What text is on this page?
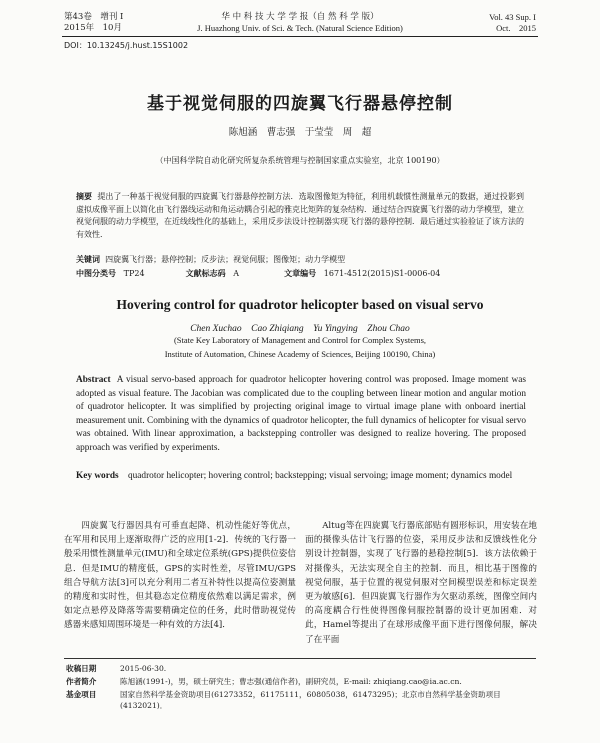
第43卷　增刊 I
2015年　10月
华 中 科 技 大 学 学 报（自 然 科 学 版）
J. Huazhong Univ. of Sci. & Tech. (Natural Science Edition)
Vol. 43 Sup. I
Oct.　2015
DOI：10.13245/j.hust.15S1002
基于视觉伺服的四旋翼飞行器悬停控制
陈旭涵　曹志强　于莹莹　周　超
（中国科学院自动化研究所复杂系统管理与控制国家重点实验室，北京 100190）
摘要 提出了一种基于视觉伺服的四旋翼飞行器悬停控制方法．选取图像矩为特征，利用机载惯性测量单元的数据，通过投影到虚拟成像平面上以简化由飞行器线运动和角运动耦合引起的雅克比矩阵的复杂结构．通过结合四旋翼飞行器的动力学模型，建立视觉伺服的动力学模型，在近线线性化的基础上，采用反步法设计控制器实现飞行器的悬停控制．最后通过实验验证了该方法的有效性．
关键词 四旋翼飞行器；悬停控制；反步法；视觉伺服；图像矩；动力学模型
中图分类号 TP24	文献标志码 A	文章编号 1671-4512(2015)S1-0006-04
Hovering control for quadrotor helicopter based on visual servo
Chen Xuchao　Cao Zhiqiang　Yu Yingying　Zhou Chao
(State Key Laboratory of Management and Control for Complex Systems,
Institute of Automation, Chinese Academy of Sciences, Beijing 100190, China)
Abstract A visual servo-based approach for quadrotor helicopter hovering control was proposed. Image moment was adopted as visual feature. The Jacobian was complicated due to the coupling between linear motion and angular motion of quadrotor helicopter. It was simplified by projecting original image to virtual image plane with onboard inertial measurement unit. Combining with the dynamics of quadrotor helicopter, the full dynamics of helicopter for visual servo was obtained. With linear approximation, a backstepping controller was designed to realize hovering. The proposed approach was verified by experiments.
Key words	quadrotor helicopter; hovering control; backstepping; visual servoing; image moment; dynamics model
四旋翼飞行器因具有可垂直起降、机动性能好等优点，在军用和民用上逐渐取得广泛的应用[1-2]．传统的飞行器一般采用惯性测量单元(IMU)和全球定位系统(GPS)提供位姿信息．但是IMU的精度低，GPS的实时性差，尽管IMU/GPS组合导航方法[3]可以充分利用二者互补特性以提高位姿测量的精度和实时性，但其稳态定位精度依然难以满足需求，例如定点悬停及降落等需要精确定位的任务，此时借助视觉传感器来感知周围环境是一种有效的方法[4]．
Altug等在四旋翼飞行器底部贴有圆形标识，用安装在地面的摄像头估计飞行器的位姿，采用反步法和反馈线性化分别设计控制器，实现了飞行器的悬稳控制[5]．该方法依赖于对摄像头，无法实现全自主的控制．而且，相比基于图像的视觉伺服，基于位置的视觉伺服对空间模型误差和标定误差更为敏感[6]．但四旋翼飞行器作为欠驱动系统，图像空间内的高度耦合行性使得图像伺服控制器的设计更加困难．对此，Hamel等提出了在球形成像平面下进行图像伺服，解决了在平面
收稿日期	2015-06-30.
作者简介	陈旭涵(1991-)，男，硕士研究生；曹志强(通信作者)，副研究员，E-mail: zhiqiang.cao@ia.ac.cn.
基金项目	国家自然科学基金资助项目(61273352，61175111，60805038，61473295)；北京市自然科学基金资助项目(4132021)．
